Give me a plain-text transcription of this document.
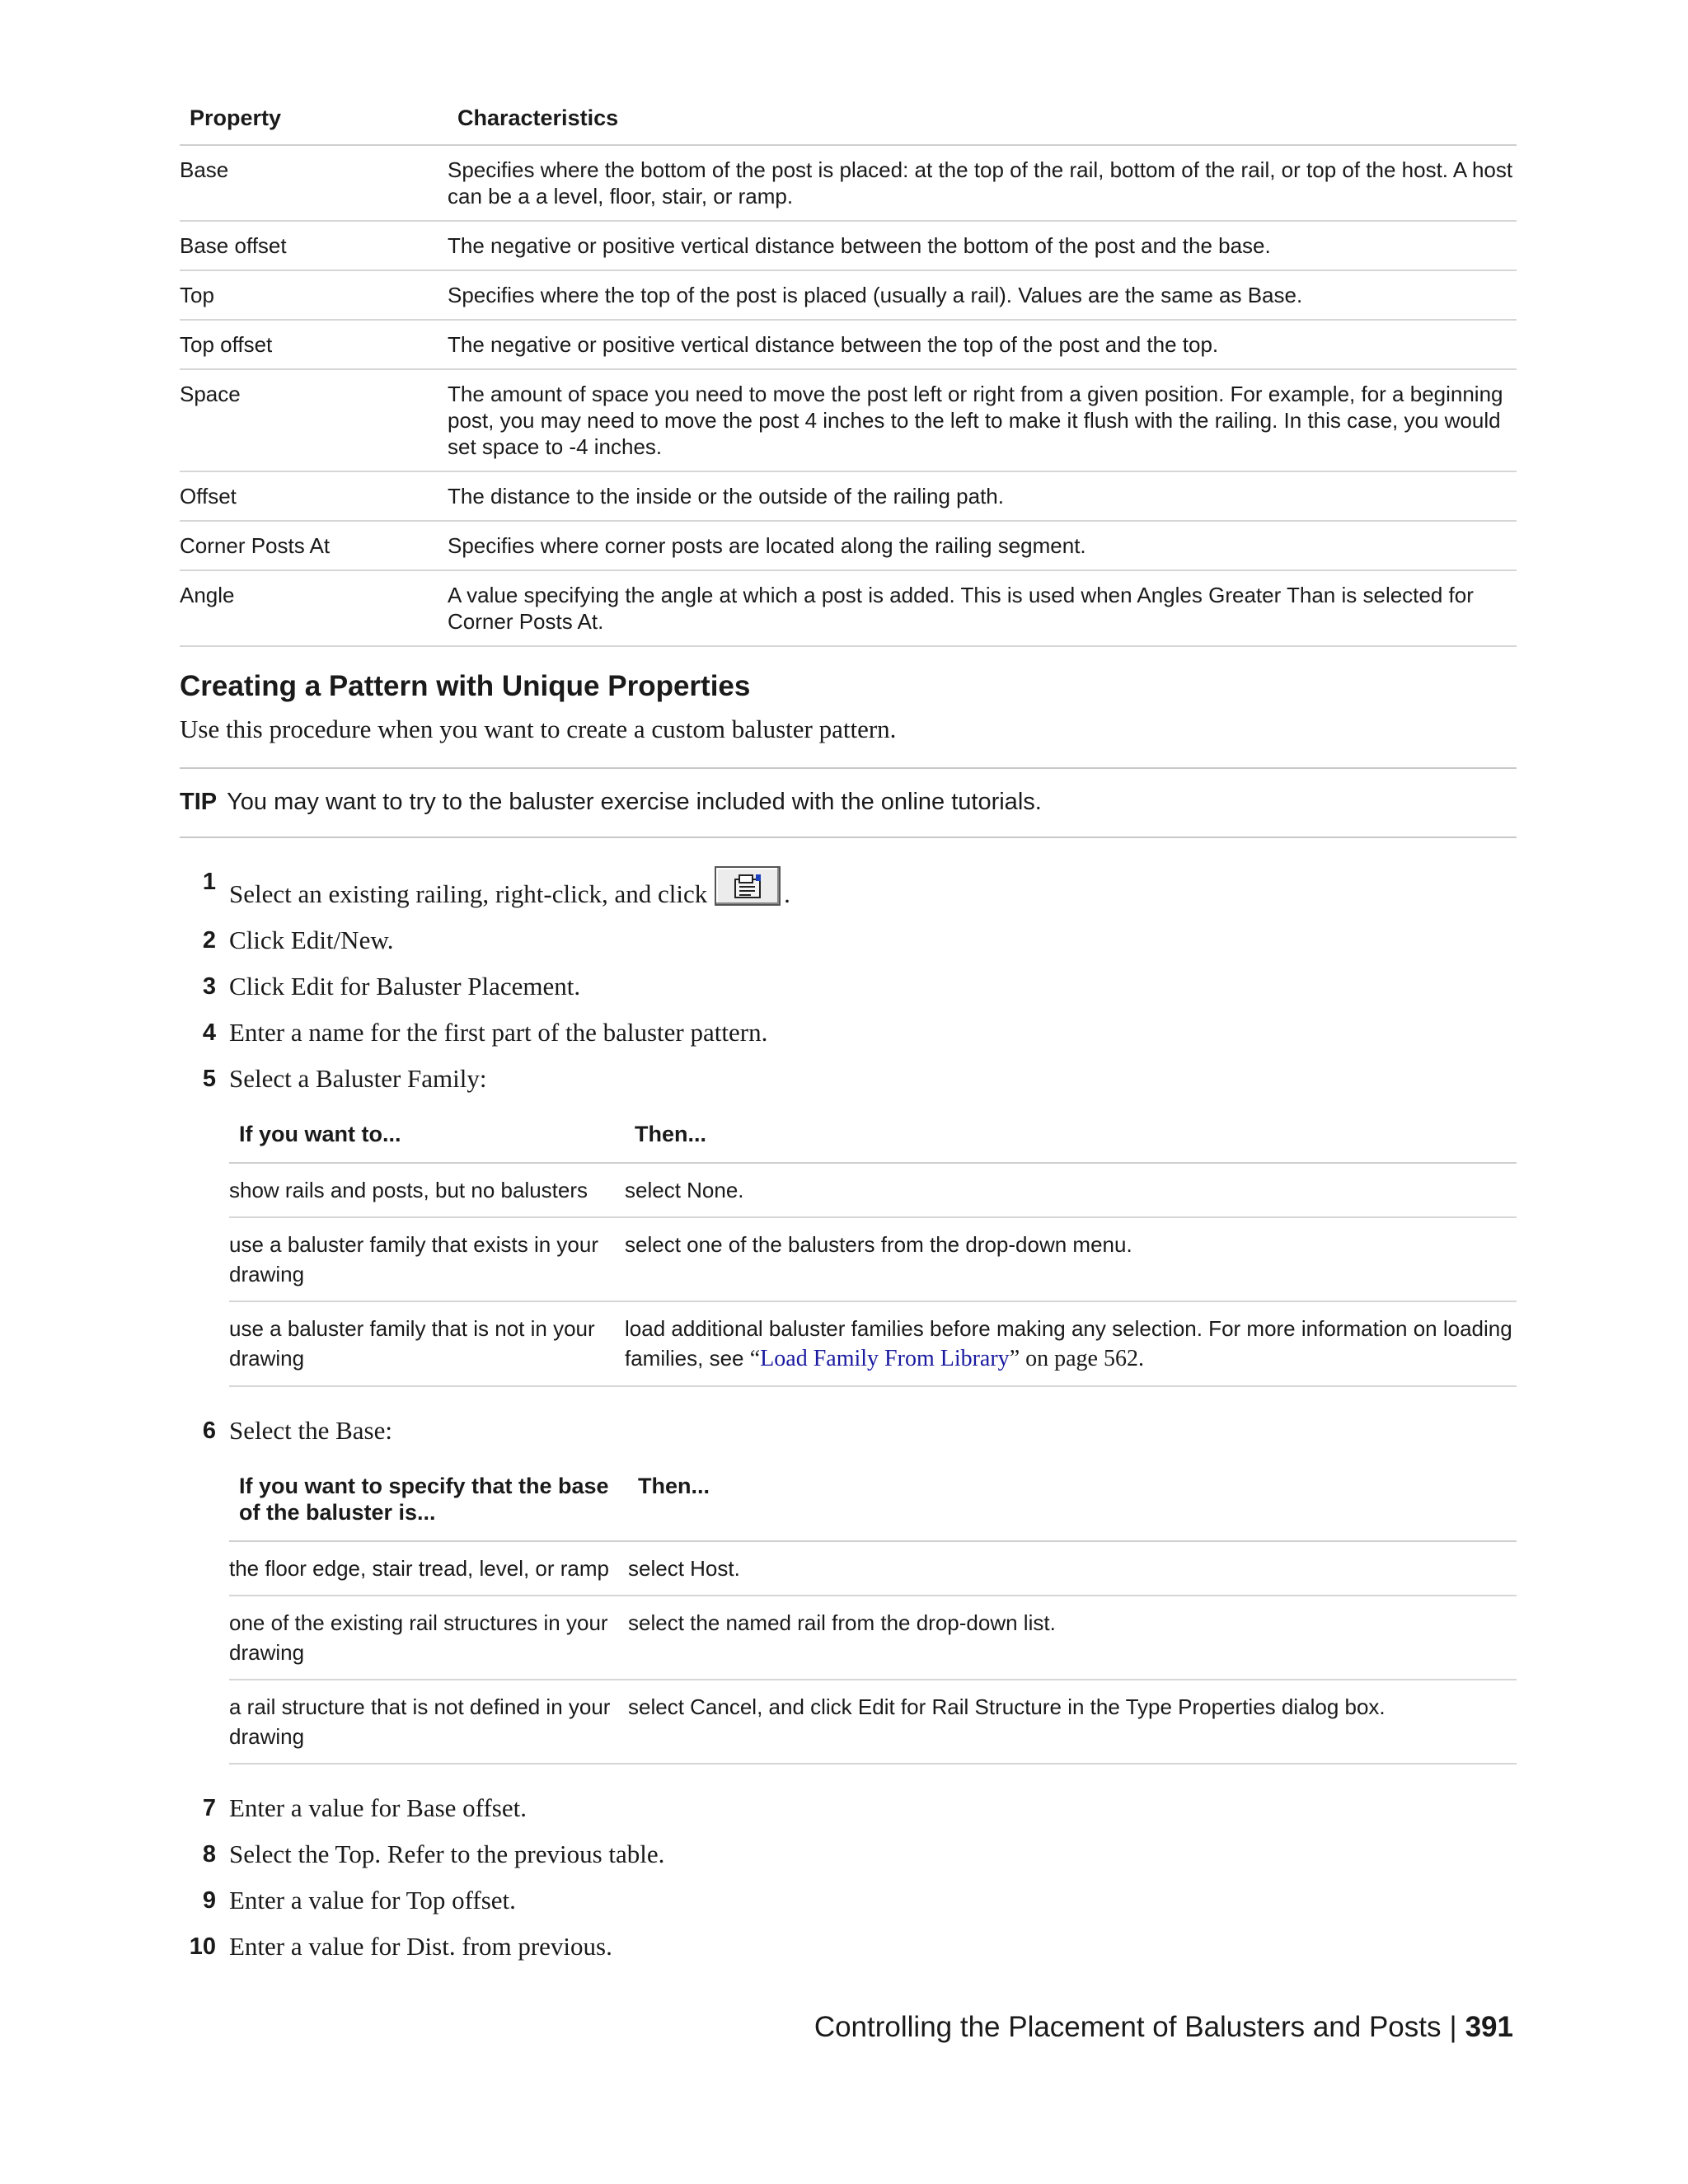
Property	Characteristics
Base	Specifies where the bottom of the post is placed: at the top of the rail, bottom of the rail, or top of the host. A host can be a a level, floor, stair, or ramp.
Base offset	The negative or positive vertical distance between the bottom of the post and the base.
Top	Specifies where the top of the post is placed (usually a rail). Values are the same as Base.
Top offset	The negative or positive vertical distance between the top of the post and the top.
Space	The amount of space you need to move the post left or right from a given position. For example, for a beginning post, you may need to move the post 4 inches to the left to make it flush with the railing. In this case, you would set space to -4 inches.
Offset	The distance to the inside or the outside of the railing path.
Corner Posts At	Specifies where corner posts are located along the railing segment.
Angle	A value specifying the angle at which a post is added. This is used when Angles Greater Than is selected for Corner Posts At.
Creating a Pattern with Unique Properties

Use this procedure when you want to create a custom baluster pattern.

TIP You may want to try to the baluster exercise included with the online tutorials.
1 Select an existing railing, right-click, and click	.
2 Click Edit/New.
3 Click Edit for Baluster Placement.
4 Enter a name for the first part of the baluster pattern.
5 Select a Baluster Family:
If you want to...	Then...
show rails and posts, but no balusters	select None.
use a baluster family that exists in your drawing	select one of the balusters from the drop-down menu.
use a baluster family that is not in your drawing	load additional baluster families before making any selection. For more information on loading families, see “Load Family From Library” on page 562.
6 Select the Base:
If you want to specify that the base of the baluster is...	Then...
the floor edge, stair tread, level, or ramp	select Host.
one of the existing rail structures in your drawing	select the named rail from the drop-down list.
a rail structure that is not defined in your drawing	select Cancel, and click Edit for Rail Structure in the Type Properties dialog box.
7 Enter a value for Base offset.
8 Select the Top. Refer to the previous table.
9 Enter a value for Top offset.
10 Enter a value for Dist. from previous.
Controlling the Placement of Balusters and Posts | 391
